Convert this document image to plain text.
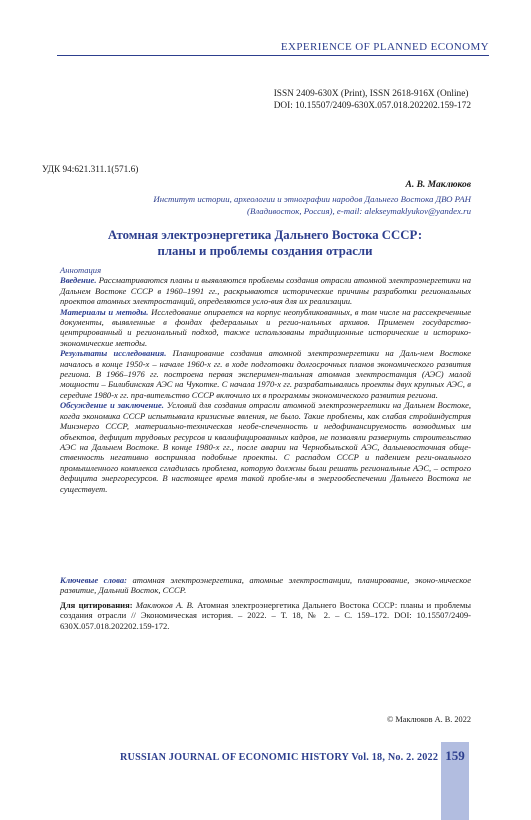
EXPERIENCE OF PLANNED ECONOMY
ISSN 2409-630X (Print), ISSN 2618-916X (Online)
DOI: 10.15507/2409-630X.057.018.202202.159-172
УДК 94:621.311.1(571.6)
А. В. Маклюков
Институт истории, археологии и этнографии народов Дальнего Востока ДВО РАН
(Владивосток, Россия), e-mail: alekseymaklyukov@yandex.ru
Атомная электроэнергетика Дальнего Востока СССР:
планы и проблемы создания отрасли

Аннотация

Введение. Рассматриваются планы и выявляются проблемы создания отрасли атомной электроэнергетики на Дальнем Востоке СССР в 1960–1991 гг., раскрываются исторические причины разработки региональных проектов атомных электростанций, определяются усло-вия для их реализации.

Материалы и методы. Исследование опирается на корпус неопубликованных, в том числе на рассекреченные документы, выявленные в фондах федеральных и регио-нальных архивов. Применен государство-центрированный и региональный подход, также использованы традиционные исторические и историко-экономические методы.

Результаты исследования. Планирование создания атомной электроэнергетики на Даль-нем Востоке началось в конце 1950-х – начале 1960-х гг. в ходе подготовки долгосрочных планов экономического развития региона. В 1966–1976 гг. построена первая эксперимен-тальная атомная электростанция (АЭС) малой мощности – Билибинская АЭС на Чукотке. С начала 1970-х гг. разрабатывались проекты двух крупных АЭС, в середине 1980-х гг. пра-вительство СССР включило их в программы экономического развития региона.

Обсуждение и заключение. Условий для создания отрасли атомной электроэнергетики на Дальнем Востоке, когда экономика СССР испытывала кризисные явления, не было. Такие проблемы, как слабая стройиндустрия Минэнерго СССР, материально-техническая необе-спеченность и недофинансируемость возводимых им объектов, дефицит трудовых ресурсов и квалифицированных кадров, не позволяли развернуть строительство АЭС на Дальнем Востоке. В конце 1980-х гг., после аварии на Чернобыльской АЭС, дальневосточная обще-ственность негативно восприняла подобные проекты. С распадом СССР и падением реги-онального промышленного комплекса сгладилась проблема, которую должны были решать региональные АЭС, – острого дефицита энергоресурсов. В настоящее время такой пробле-мы в энергообеспечении Дальнего Востока не существует.

Ключевые слова: атомная электроэнергетика, атомные электростанции, планирование, эконо-мическое развитие, Дальний Восток, СССР.
Для цитирования: Маклюков А. В. Атомная электроэнергетика Дальнего Востока СССР: планы и проблемы создания отрасли // Экономическая история. – 2022. – Т. 18, № 2. – С. 159–172. DOI: 10.15507/2409-630X.057.018.202202.159-172.
© Маклюков А. В. 2022
RUSSIAN JOURNAL OF ECONOMIC HISTORY Vol. 18, No. 2. 2022 159
